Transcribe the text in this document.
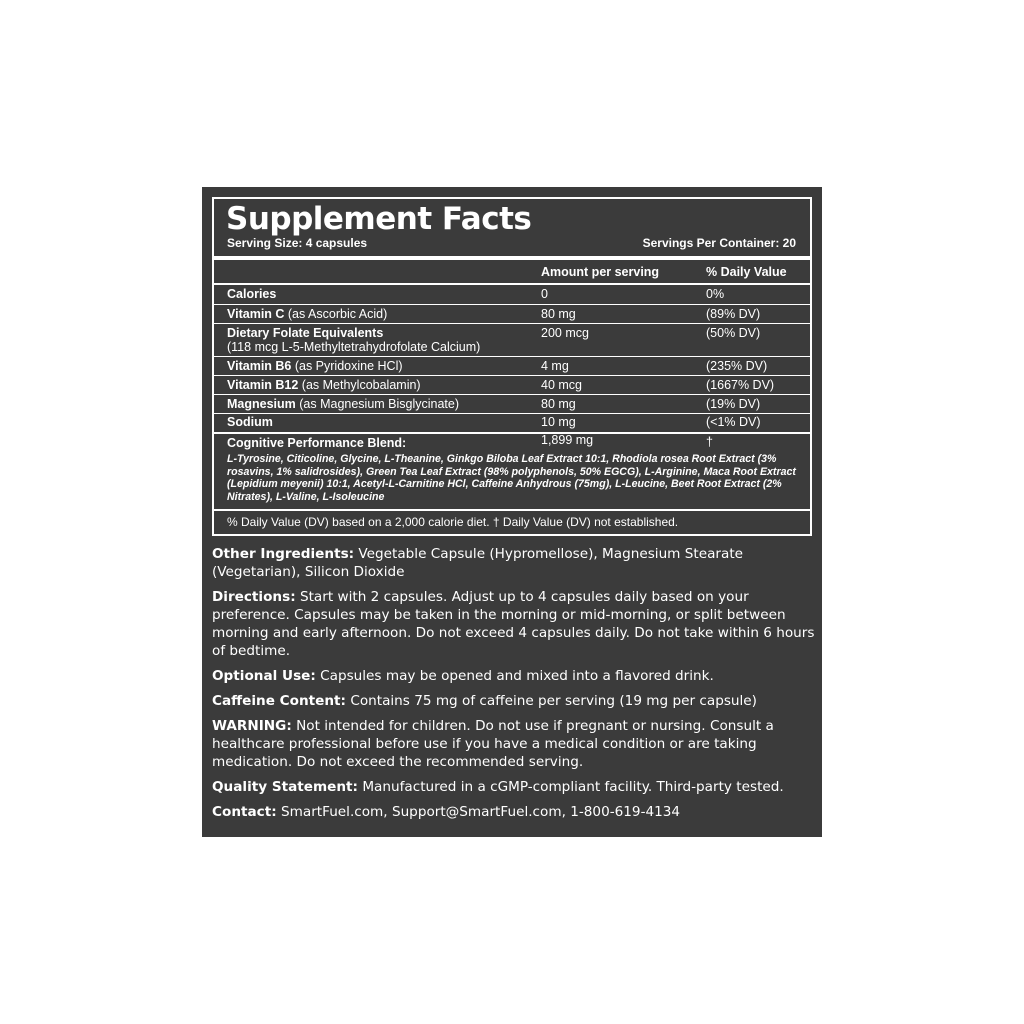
Supplement Facts
Serving Size: 4 capsules	Servings Per Container: 20
Amount per serving	% Daily Value
Calories	0	0%
Vitamin C (as Ascorbic Acid)	80 mg	(89% DV)
Dietary Folate Equivalents
(118 mcg L-5-Methyltetrahydrofolate Calcium)
200 mcg	(50% DV)
Vitamin B6 (as Pyridoxine HCl)	4 mg	(235% DV)
Vitamin B12 (as Methylcobalamin)	40 mcg	(1667% DV)
Magnesium (as Magnesium Bisglycinate)	80 mg	(19% DV)
Sodium	10 mg	(<1% DV)
Cognitive Performance Blend:	1,899 mg	†

L-Tyrosine, Citicoline, Glycine, L-Theanine, Ginkgo Biloba Leaf Extract 10:1, Rhodiola rosea Root Extract (3% rosavins, 1% salidrosides), Green Tea Leaf Extract (98% polyphenols, 50% EGCG), L-Arginine, Maca Root Extract (Lepidium meyenii) 10:1, Acetyl-L-Carnitine HCl, Caffeine Anhydrous (75mg), L-Leucine, Beet Root Extract (2% Nitrates), L-Valine, L-Isoleucine

% Daily Value (DV) based on a 2,000 calorie diet. † Daily Value (DV) not established.

Other Ingredients: Vegetable Capsule (Hypromellose), Magnesium Stearate (Vegetarian), Silicon Dioxide

Directions: Start with 2 capsules. Adjust up to 4 capsules daily based on your preference. Capsules may be taken in the morning or mid-morning, or split between morning and early afternoon. Do not exceed 4 capsules daily. Do not take within 6 hours of bedtime.

Optional Use: Capsules may be opened and mixed into a flavored drink.

Caffeine Content: Contains 75 mg of caffeine per serving (19 mg per capsule)

WARNING: Not intended for children. Do not use if pregnant or nursing. Consult a healthcare professional before use if you have a medical condition or are taking medication. Do not exceed the recommended serving.

Quality Statement: Manufactured in a cGMP-compliant facility. Third-party tested.

Contact: SmartFuel.com, Support@SmartFuel.com, 1-800-619-4134
